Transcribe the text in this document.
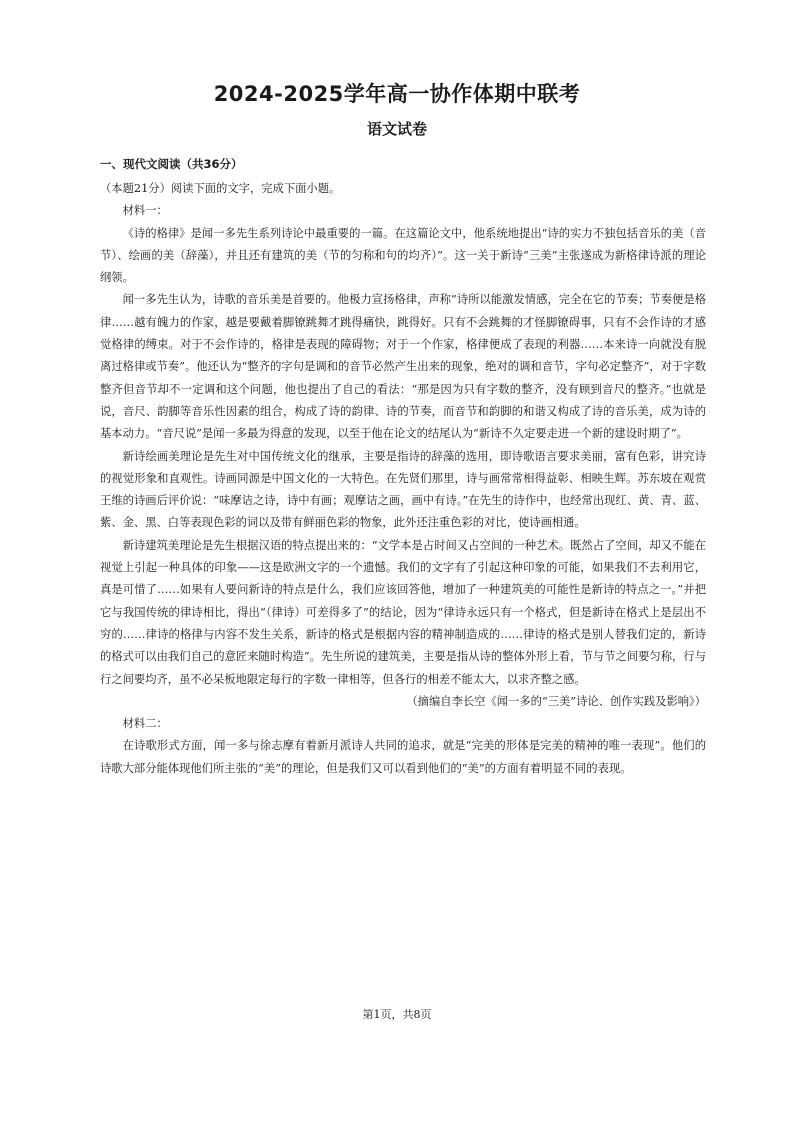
2024-2025学年高一协作体期中联考
语文试卷
一、现代文阅读（共36分）

（本题21分）阅读下面的文字，完成下面小题。

材料一：

《诗的格律》是闻一多先生系列诗论中最重要的一篇。在这篇论文中，他系统地提出“诗的实力不独包括音乐的美（音节）、绘画的美（辞藻），并且还有建筑的美（节的匀称和句的均齐）”。这一关于新诗“三美”主张遂成为新格律诗派的理论纲领。

闻一多先生认为，诗歌的音乐美是首要的。他极力宣扬格律，声称“诗所以能激发情感，完全在它的节奏；节奏便是格律……越有魄力的作家，越是要戴着脚镣跳舞才跳得痛快，跳得好。只有不会跳舞的才怪脚镣碍事，只有不会作诗的才感觉格律的缚束。对于不会作诗的，格律是表现的障碍物；对于一个作家，格律便成了表现的利器……本来诗一向就没有脱离过格律或节奏”。他还认为“整齐的字句是调和的音节必然产生出来的现象，绝对的调和音节，字句必定整齐”，对于字数整齐但音节却不一定调和这个问题，他也提出了自己的看法：“那是因为只有字数的整齐，没有顾到音尺的整齐。”也就是说，音尺、韵脚等音乐性因素的组合，构成了诗的韵律、诗的节奏，而音节和韵脚的和谐又构成了诗的音乐美，成为诗的基本动力。“音尺说”是闻一多最为得意的发现，以至于他在论文的结尾认为“新诗不久定要走进一个新的建设时期了”。

新诗绘画美理论是先生对中国传统文化的继承，主要是指诗的辞藻的选用，即诗歌语言要求美丽，富有色彩，讲究诗的视觉形象和直观性。诗画同源是中国文化的一大特色。在先贤们那里，诗与画常常相得益彰、相映生辉。苏东坡在观赏王维的诗画后评价说：“味摩诘之诗，诗中有画；观摩诘之画，画中有诗。”在先生的诗作中，也经常出现红、黄、青、蓝、紫、金、黑、白等表现色彩的词以及带有鲜丽色彩的物象，此外还注重色彩的对比，使诗画相通。

新诗建筑美理论是先生根据汉语的特点提出来的：“文学本是占时间又占空间的一种艺术。既然占了空间，却又不能在视觉上引起一种具体的印象——这是欧洲文字的一个遗憾。我们的文字有了引起这种印象的可能，如果我们不去利用它，真是可惜了……如果有人要问新诗的特点是什么，我们应该回答他，增加了一种建筑美的可能性是新诗的特点之一。”并把它与我国传统的律诗相比，得出“（律诗）可差得多了”的结论，因为“律诗永远只有一个格式，但是新诗在格式上是层出不穷的……律诗的格律与内容不发生关系，新诗的格式是根据内容的精神制造成的……律诗的格式是别人替我们定的，新诗的格式可以由我们自己的意匠来随时构造”。先生所说的建筑美，主要是指从诗的整体外形上看，节与节之间要匀称，行与行之间要均齐，虽不必呆板地限定每行的字数一律相等，但各行的相差不能太大，以求齐整之感。

（摘编自李长空《闻一多的“三美”诗论、创作实践及影响》）

材料二：

在诗歌形式方面，闻一多与徐志摩有着新月派诗人共同的追求，就是“完美的形体是完美的精神的唯一表现”。他们的诗歌大部分能体现他们所主张的“美”的理论，但是我们又可以看到他们的“美”的方面有着明显不同的表现。

第1页，共8页
